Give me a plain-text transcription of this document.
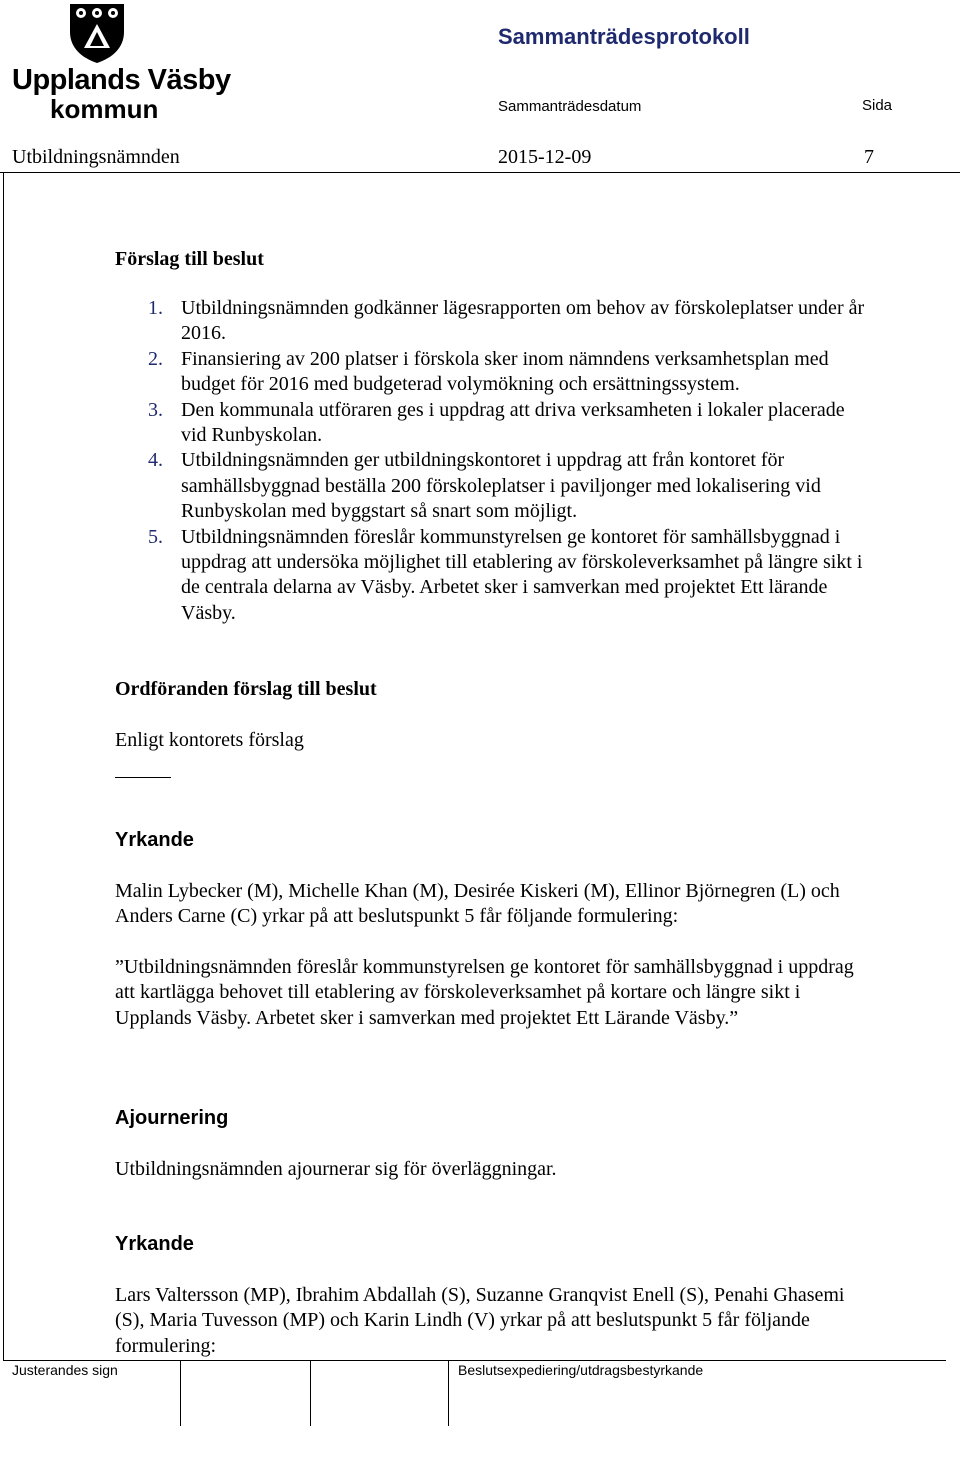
Upplands Väsby
kommun
Sammanträdesprotokoll
Sammanträdesdatum	Sida
Utbildningsnämnden	2015-12-09	7
Förslag till beslut
1. Utbildningsnämnden godkänner lägesrapporten om behov av förskoleplatser under år 2016.
2. Finansiering av 200 platser i förskola sker inom nämndens verksamhetsplan med budget för 2016 med budgeterad volymökning och ersättningssystem.
3. Den kommunala utföraren ges i uppdrag att driva verksamheten i lokaler placerade vid Runbyskolan.
4. Utbildningsnämnden ger utbildningskontoret i uppdrag att från kontoret för samhällsbyggnad beställa 200 förskoleplatser i paviljonger med lokalisering vid Runbyskolan med byggstart så snart som möjligt.
5. Utbildningsnämnden föreslår kommunstyrelsen ge kontoret för samhällsbyggnad i uppdrag att undersöka möjlighet till etablering av förskoleverksamhet på längre sikt i de centrala delarna av Väsby. Arbetet sker i samverkan med projektet Ett lärande Väsby.
Ordföranden förslag till beslut
Enligt kontorets förslag
Yrkande
Malin Lybecker (M), Michelle Khan (M), Desirée Kiskeri (M), Ellinor Björnegren (L) och Anders Carne (C) yrkar på att beslutspunkt 5 får följande formulering:
”Utbildningsnämnden föreslår kommunstyrelsen ge kontoret för samhällsbyggnad i uppdrag att kartlägga behovet till etablering av förskoleverksamhet på kortare och längre sikt i Upplands Väsby. Arbetet sker i samverkan med projektet Ett Lärande Väsby.”
Ajournering
Utbildningsnämnden ajournerar sig för överläggningar.
Yrkande
Lars Valtersson (MP), Ibrahim Abdallah (S), Suzanne Granqvist Enell (S), Penahi Ghasemi (S), Maria Tuvesson (MP) och Karin Lindh (V) yrkar på att beslutspunkt 5 får följande formulering:
Justerandes sign	Beslutsexpediering/utdragsbestyrkande
